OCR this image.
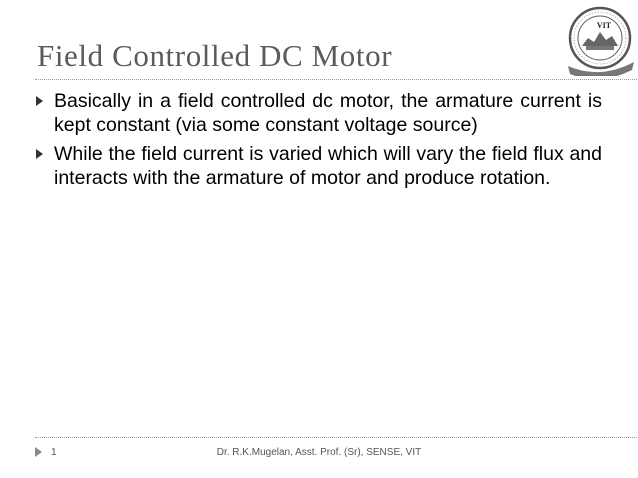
Field Controlled DC Motor
VIT
Basically in a field controlled dc motor, the armature current is kept constant (via some constant voltage source)
While the field current is varied which will vary the field flux and interacts with the armature of motor and produce rotation.
1	Dr. R.K.Mugelan, Asst. Prof. (Sr), SENSE, VIT
